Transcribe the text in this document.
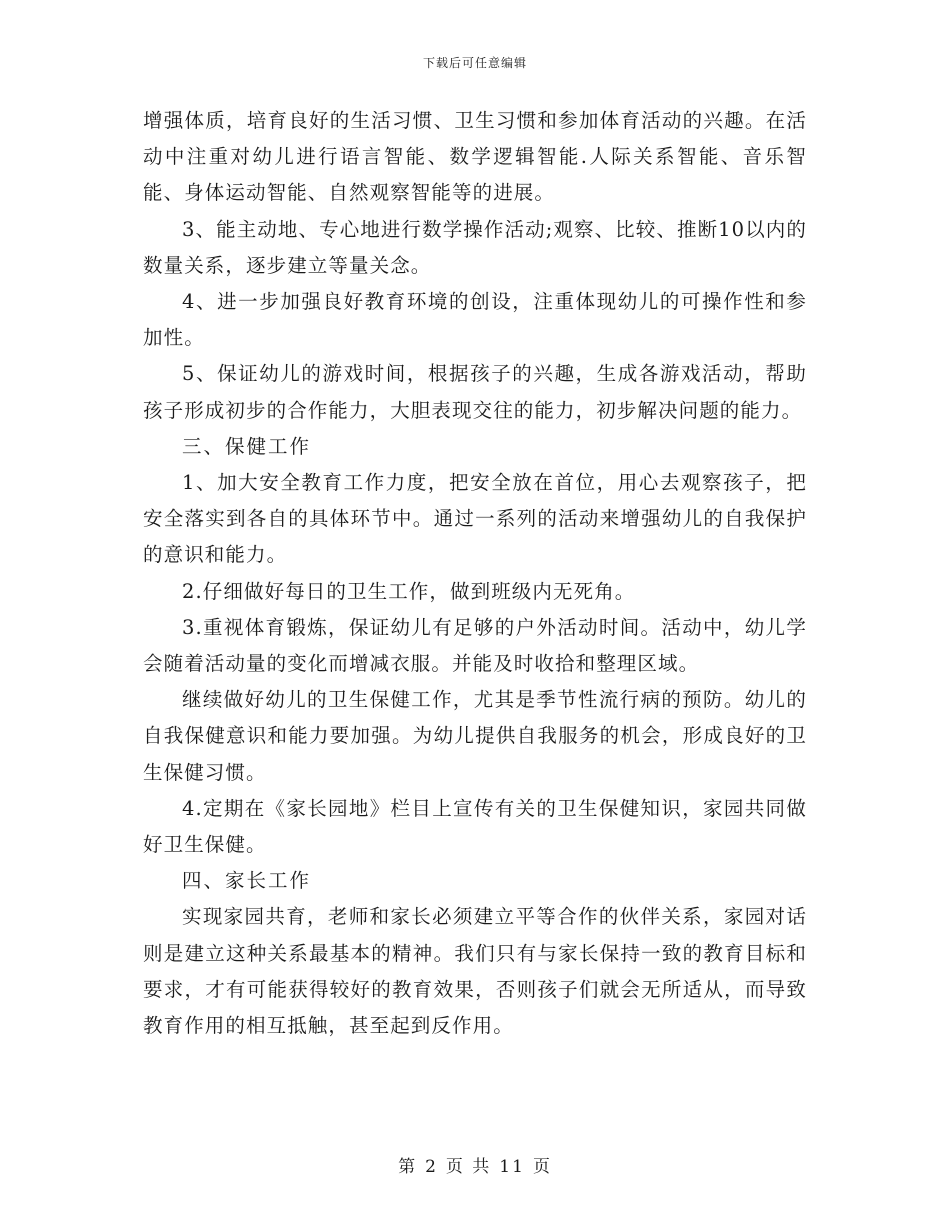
下载后可任意编辑

增强体质，培育良好的生活习惯、卫生习惯和参加体育活动的兴趣。在活动中注重对幼儿进行语言智能、数学逻辑智能.人际关系智能、音乐智能、身体运动智能、自然观察智能等的进展。

3、能主动地、专心地进行数学操作活动;观察、比较、推断10以内的数量关系，逐步建立等量关念。

4、进一步加强良好教育环境的创设，注重体现幼儿的可操作性和参加性。

5、保证幼儿的游戏时间，根据孩子的兴趣，生成各游戏活动，帮助孩子形成初步的合作能力，大胆表现交往的能力，初步解决问题的能力。

三、保健工作

1、加大安全教育工作力度，把安全放在首位，用心去观察孩子，把安全落实到各自的具体环节中。通过一系列的活动来增强幼儿的自我保护的意识和能力。

2.仔细做好每日的卫生工作，做到班级内无死角。

3.重视体育锻炼，保证幼儿有足够的户外活动时间。活动中，幼儿学会随着活动量的变化而增减衣服。并能及时收拾和整理区域。

继续做好幼儿的卫生保健工作，尤其是季节性流行病的预防。幼儿的自我保健意识和能力要加强。为幼儿提供自我服务的机会，形成良好的卫生保健习惯。

4.定期在《家长园地》栏目上宣传有关的卫生保健知识，家园共同做好卫生保健。

四、家长工作

实现家园共育，老师和家长必须建立平等合作的伙伴关系，家园对话则是建立这种关系最基本的精神。我们只有与家长保持一致的教育目标和要求，才有可能获得较好的教育效果，否则孩子们就会无所适从，而导致教育作用的相互抵触，甚至起到反作用。

第 2 页 共 11 页
